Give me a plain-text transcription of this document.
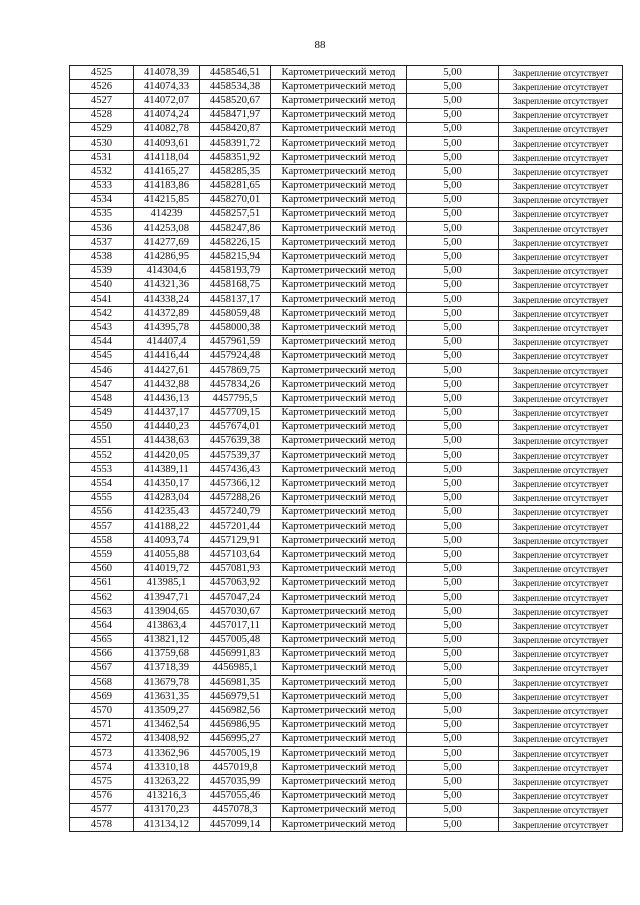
88
4525	414078,39	4458546,51	Картометрический метод	5,00	Закрепление отсутствует
4526	414074,33	4458534,38	Картометрический метод	5,00	Закрепление отсутствует
4527	414072,07	4458520,67	Картометрический метод	5,00	Закрепление отсутствует
4528	414074,24	4458471,97	Картометрический метод	5,00	Закрепление отсутствует
4529	414082,78	4458420,87	Картометрический метод	5,00	Закрепление отсутствует
4530	414093,61	4458391,72	Картометрический метод	5,00	Закрепление отсутствует
4531	414118,04	4458351,92	Картометрический метод	5,00	Закрепление отсутствует
4532	414165,27	4458285,35	Картометрический метод	5,00	Закрепление отсутствует
4533	414183,86	4458281,65	Картометрический метод	5,00	Закрепление отсутствует
4534	414215,85	4458270,01	Картометрический метод	5,00	Закрепление отсутствует
4535	414239	4458257,51	Картометрический метод	5,00	Закрепление отсутствует
4536	414253,08	4458247,86	Картометрический метод	5,00	Закрепление отсутствует
4537	414277,69	4458226,15	Картометрический метод	5,00	Закрепление отсутствует
4538	414286,95	4458215,94	Картометрический метод	5,00	Закрепление отсутствует
4539	414304,6	4458193,79	Картометрический метод	5,00	Закрепление отсутствует
4540	414321,36	4458168,75	Картометрический метод	5,00	Закрепление отсутствует
4541	414338,24	4458137,17	Картометрический метод	5,00	Закрепление отсутствует
4542	414372,89	4458059,48	Картометрический метод	5,00	Закрепление отсутствует
4543	414395,78	4458000,38	Картометрический метод	5,00	Закрепление отсутствует
4544	414407,4	4457961,59	Картометрический метод	5,00	Закрепление отсутствует
4545	414416,44	4457924,48	Картометрический метод	5,00	Закрепление отсутствует
4546	414427,61	4457869,75	Картометрический метод	5,00	Закрепление отсутствует
4547	414432,88	4457834,26	Картометрический метод	5,00	Закрепление отсутствует
4548	414436,13	4457795,5	Картометрический метод	5,00	Закрепление отсутствует
4549	414437,17	4457709,15	Картометрический метод	5,00	Закрепление отсутствует
4550	414440,23	4457674,01	Картометрический метод	5,00	Закрепление отсутствует
4551	414438,63	4457639,38	Картометрический метод	5,00	Закрепление отсутствует
4552	414420,05	4457539,37	Картометрический метод	5,00	Закрепление отсутствует
4553	414389,11	4457436,43	Картометрический метод	5,00	Закрепление отсутствует
4554	414350,17	4457366,12	Картометрический метод	5,00	Закрепление отсутствует
4555	414283,04	4457288,26	Картометрический метод	5,00	Закрепление отсутствует
4556	414235,43	4457240,79	Картометрический метод	5,00	Закрепление отсутствует
4557	414188,22	4457201,44	Картометрический метод	5,00	Закрепление отсутствует
4558	414093,74	4457129,91	Картометрический метод	5,00	Закрепление отсутствует
4559	414055,88	4457103,64	Картометрический метод	5,00	Закрепление отсутствует
4560	414019,72	4457081,93	Картометрический метод	5,00	Закрепление отсутствует
4561	413985,1	4457063,92	Картометрический метод	5,00	Закрепление отсутствует
4562	413947,71	4457047,24	Картометрический метод	5,00	Закрепление отсутствует
4563	413904,65	4457030,67	Картометрический метод	5,00	Закрепление отсутствует
4564	413863,4	4457017,11	Картометрический метод	5,00	Закрепление отсутствует
4565	413821,12	4457005,48	Картометрический метод	5,00	Закрепление отсутствует
4566	413759,68	4456991,83	Картометрический метод	5,00	Закрепление отсутствует
4567	413718,39	4456985,1	Картометрический метод	5,00	Закрепление отсутствует
4568	413679,78	4456981,35	Картометрический метод	5,00	Закрепление отсутствует
4569	413631,35	4456979,51	Картометрический метод	5,00	Закрепление отсутствует
4570	413509,27	4456982,56	Картометрический метод	5,00	Закрепление отсутствует
4571	413462,54	4456986,95	Картометрический метод	5,00	Закрепление отсутствует
4572	413408,92	4456995,27	Картометрический метод	5,00	Закрепление отсутствует
4573	413362,96	4457005,19	Картометрический метод	5,00	Закрепление отсутствует
4574	413310,18	4457019,8	Картометрический метод	5,00	Закрепление отсутствует
4575	413263,22	4457035,99	Картометрический метод	5,00	Закрепление отсутствует
4576	413216,3	4457055,46	Картометрический метод	5,00	Закрепление отсутствует
4577	413170,23	4457078,3	Картометрический метод	5,00	Закрепление отсутствует
4578	413134,12	4457099,14	Картометрический метод	5,00	Закрепление отсутствует
